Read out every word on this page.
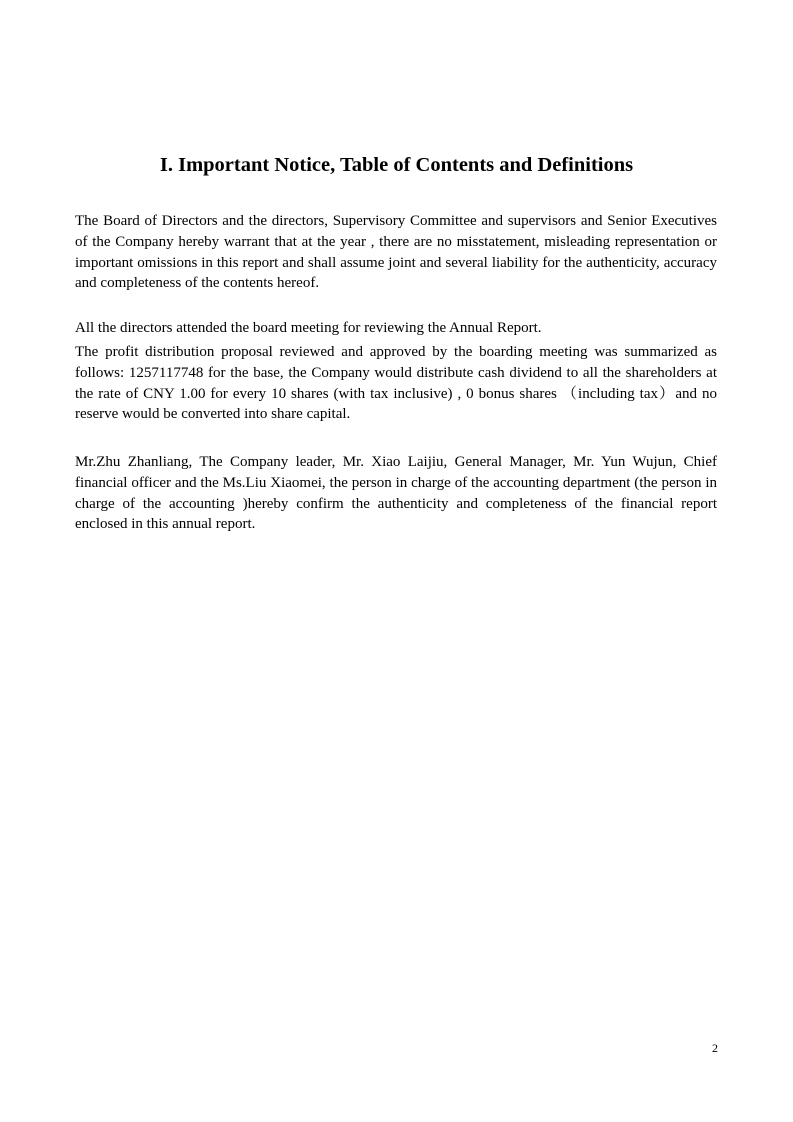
I. Important Notice, Table of Contents and Definitions

The Board of Directors and the directors, Supervisory Committee and supervisors and Senior Executives of the Company hereby warrant that at the year , there are no misstatement, misleading representation or important omissions in this report and shall assume joint and several liability for the authenticity, accuracy and completeness of the contents hereof.

All the directors attended the board meeting for reviewing the Annual Report.

The profit distribution proposal reviewed and approved by the boarding meeting was summarized as follows: 1257117748 for the base, the Company would distribute cash dividend to all the shareholders at the rate of CNY 1.00 for every 10 shares (with tax inclusive) , 0 bonus shares （including tax）and no reserve would be converted into share capital.

Mr.Zhu Zhanliang, The Company leader, Mr. Xiao Laijiu, General Manager, Mr. Yun Wujun, Chief financial officer and the Ms.Liu Xiaomei, the person in charge of the accounting department (the person in charge of the accounting )hereby confirm the authenticity and completeness of the financial report enclosed in this annual report.

2
